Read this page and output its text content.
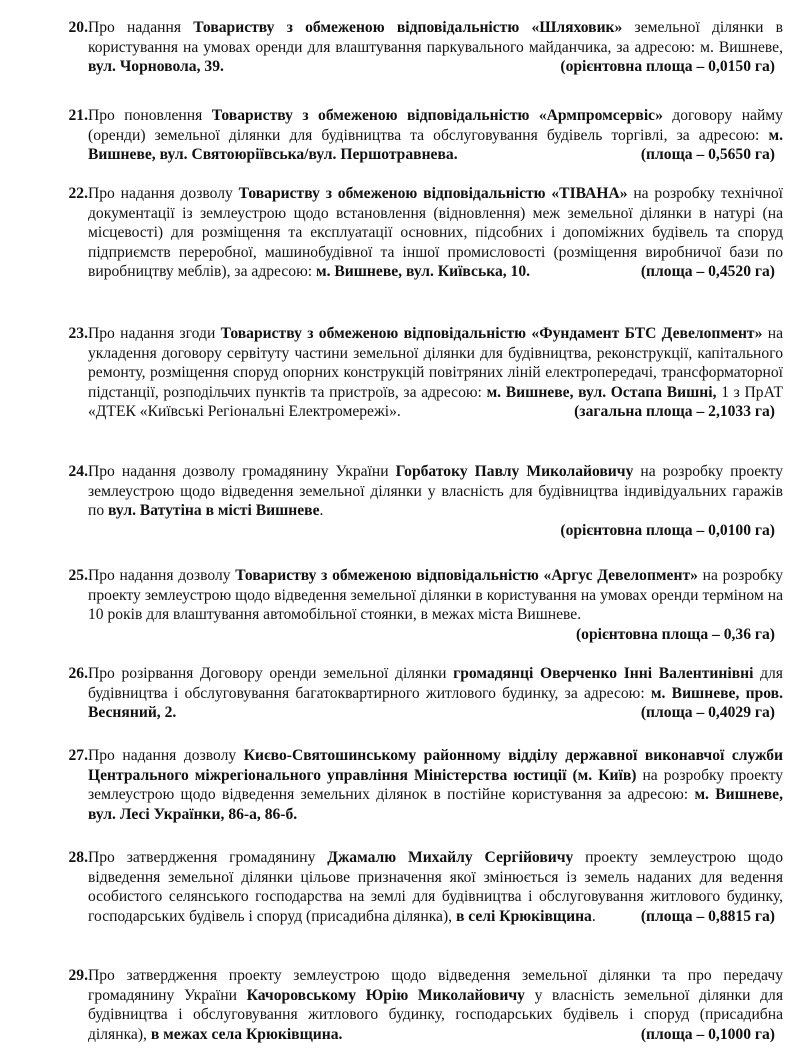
20. Про надання Товариству з обмеженою відповідальністю «Шляховик» земельної ділянки в користування на умовах оренди для влаштування паркувального майданчика, за адресою: м. Вишневе, вул. Чорновола, 39.	(орієнтовна площа – 0,0150 га)
21. Про поновлення Товариству з обмеженою відповідальністю «Армпромсервіс» договору найму (оренди) земельної ділянки для будівництва та обслуговування будівель торгівлі, за адресою: м. Вишневе, вул. Святоюріївська/вул. Першотравнева.	(площа – 0,5650 га)
22. Про надання дозволу Товариству з обмеженою відповідальністю «ТІВАНА» на розробку технічної документації із землеустрою щодо встановлення (відновлення) меж земельної ділянки в натурі (на місцевості) для розміщення та експлуатації основних, підсобних і допоміжних будівель та споруд підприємств переробної, машинобудівної та іншої промисловості (розміщення виробничої бази по виробництву меблів), за адресою: м. Вишневе, вул. Київська, 10.	(площа – 0,4520 га)
23. Про надання згоди Товариству з обмеженою відповідальністю «Фундамент БТС Девелопмент» на укладення договору сервітуту частини земельної ділянки для будівництва, реконструкції, капітального ремонту, розміщення споруд опорних конструкцій повітряних ліній електропередачі, трансформаторної підстанції, розподільчих пунктів та пристроїв, за адресою: м. Вишневе, вул. Остапа Вишні, 1 з ПрАТ «ДТЕК «Київські Регіональні Електромережі».	(загальна площа – 2,1033 га)
24. Про надання дозволу громадянину України Горбатоку Павлу Миколайовичу на розробку проекту землеустрою щодо відведення земельної ділянки у власність для будівництва індивідуальних гаражів по вул. Ватутіна в місті Вишневе.
(орієнтовна площа – 0,0100 га)
25. Про надання дозволу Товариству з обмеженою відповідальністю «Аргус Девелопмент» на розробку проекту землеустрою щодо відведення земельної ділянки в користування на умовах оренди терміном на 10 років для влаштування автомобільної стоянки, в межах міста Вишневе.
(орієнтовна площа – 0,36 га)
26. Про розірвання Договору оренди земельної ділянки громадянці Оверченко Інні Валентинівні для будівництва і обслуговування багатоквартирного житлового будинку, за адресою: м. Вишневе, пров. Весняний, 2.	(площа – 0,4029 га)
27. Про надання дозволу Києво-Святошинському районному відділу державної виконавчої служби Центрального міжрегіонального управління Міністерства юстиції (м. Київ) на розробку проекту землеустрою щодо відведення земельних ділянок в постійне користування за адресою: м. Вишневе, вул. Лесі Українки, 86-а, 86-б.
28. Про затвердження громадянину Джамалю Михайлу Сергійовичу проекту землеустрою щодо відведення земельної ділянки цільове призначення якої змінюється із земель наданих для ведення особистого селянського господарства на землі для будівництва і обслуговування житлового будинку, господарських будівель і споруд (присадибна ділянка), в селі Крюківщина.	(площа – 0,8815 га)
29. Про затвердження проекту землеустрою щодо відведення земельної ділянки та про передачу громадянину України Качоровському Юрію Миколайовичу у власність земельної ділянки для будівництва і обслуговування житлового будинку, господарських будівель і споруд (присадибна ділянка), в межах села Крюківщина.	(площа – 0,1000 га)
